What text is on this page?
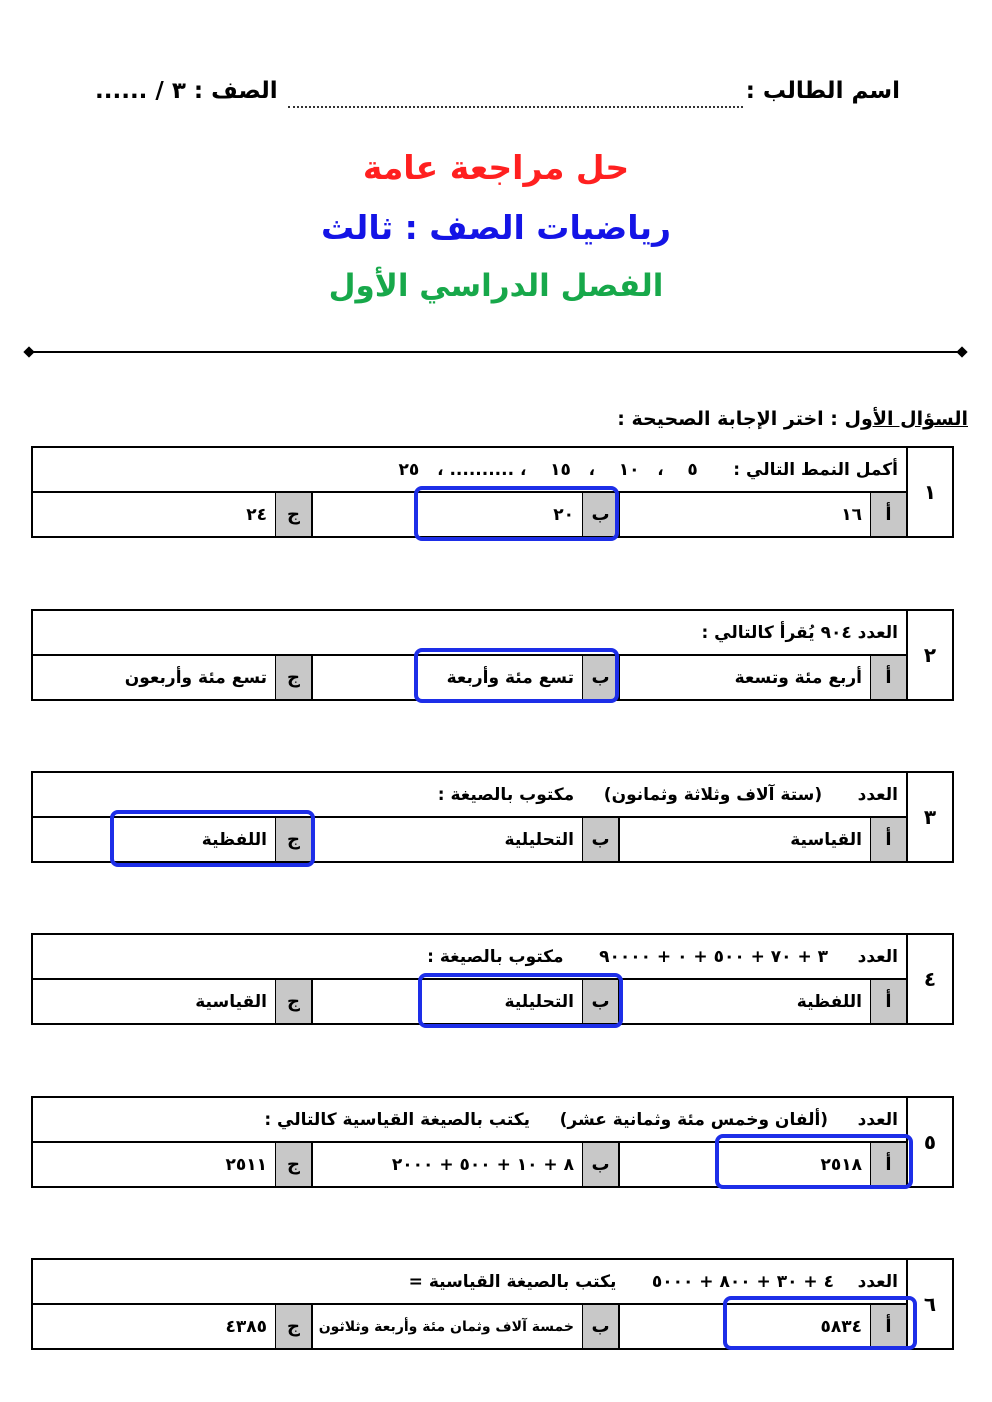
اسم الطالب :
الصف : ٣ / ......
حل مراجعة عامة
رياضيات الصف : ثالث
الفصل الدراسي الأول
السؤال الأول : اختر الإجابة الصحيحة :
١
أكمل النمط التالي :      ٥    ،   ١٠    ،   ١٥    ، .......... ،   ٢٥
أ
١٦
ب
٢٠
ج
٢٤
٢
العدد ٩٠٤ يُقرأ كالتالي :
أ
أربع مئة وتسعة
ب
تسع مئة وأربعة
ج
تسع مئة وأربعون
٣
العدد      (ستة آلاف وثلاثة وثمانون)     مكتوب بالصيغة :
أ
القياسية
ب
التحليلية
ج
اللفظية
٤
العدد     ٣ + ٧٠ + ٥٠٠ + ٠ + ٩٠٠٠٠      مكتوب بالصيغة :
أ
اللفظية
ب
التحليلية
ج
القياسية
٥
العدد     (ألفان وخمس مئة وثمانية عشر)     يكتب بالصيغة القياسية كالتالي :
أ
٢٥١٨
ب
٨ + ١٠ + ٥٠٠ + ٢٠٠٠
ج
٢٥١١
٦
العدد    ٤ + ٣٠ + ٨٠٠ + ٥٠٠٠      يكتب بالصيغة القياسية =
أ
٥٨٣٤
ب
خمسة آلاف وثمان مئة وأربعة وثلاثون
ج
٤٣٨٥
